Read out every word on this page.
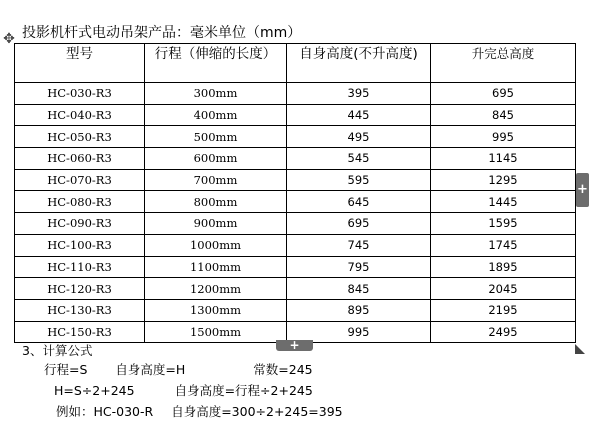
✥ 投影机杆式电动吊架产品：毫米单位（mm）
型号	行程（伸缩的长度）	自身高度(不升高度)	升完总高度
HC-030-R3	300mm	395	695
HC-040-R3	400mm	445	845
HC-050-R3	500mm	495	995
HC-060-R3	600mm	545	1145
HC-070-R3	700mm	595	1295
HC-080-R3	800mm	645	1445
HC-090-R3	900mm	695	1595
HC-100-R3	1000mm	745	1745
HC-110-R3	1100mm	795	1895
HC-120-R3	1200mm	845	2045
HC-130-R3	1300mm	895	2195
HC-150-R3	1500mm	995	2495
+
+
3、计算公式
行程=S 自身高度=H	常数=245
H=S÷2+245	自身高度=行程÷2+245
例如：HC-030-R 自身高度=300÷2+245=395
